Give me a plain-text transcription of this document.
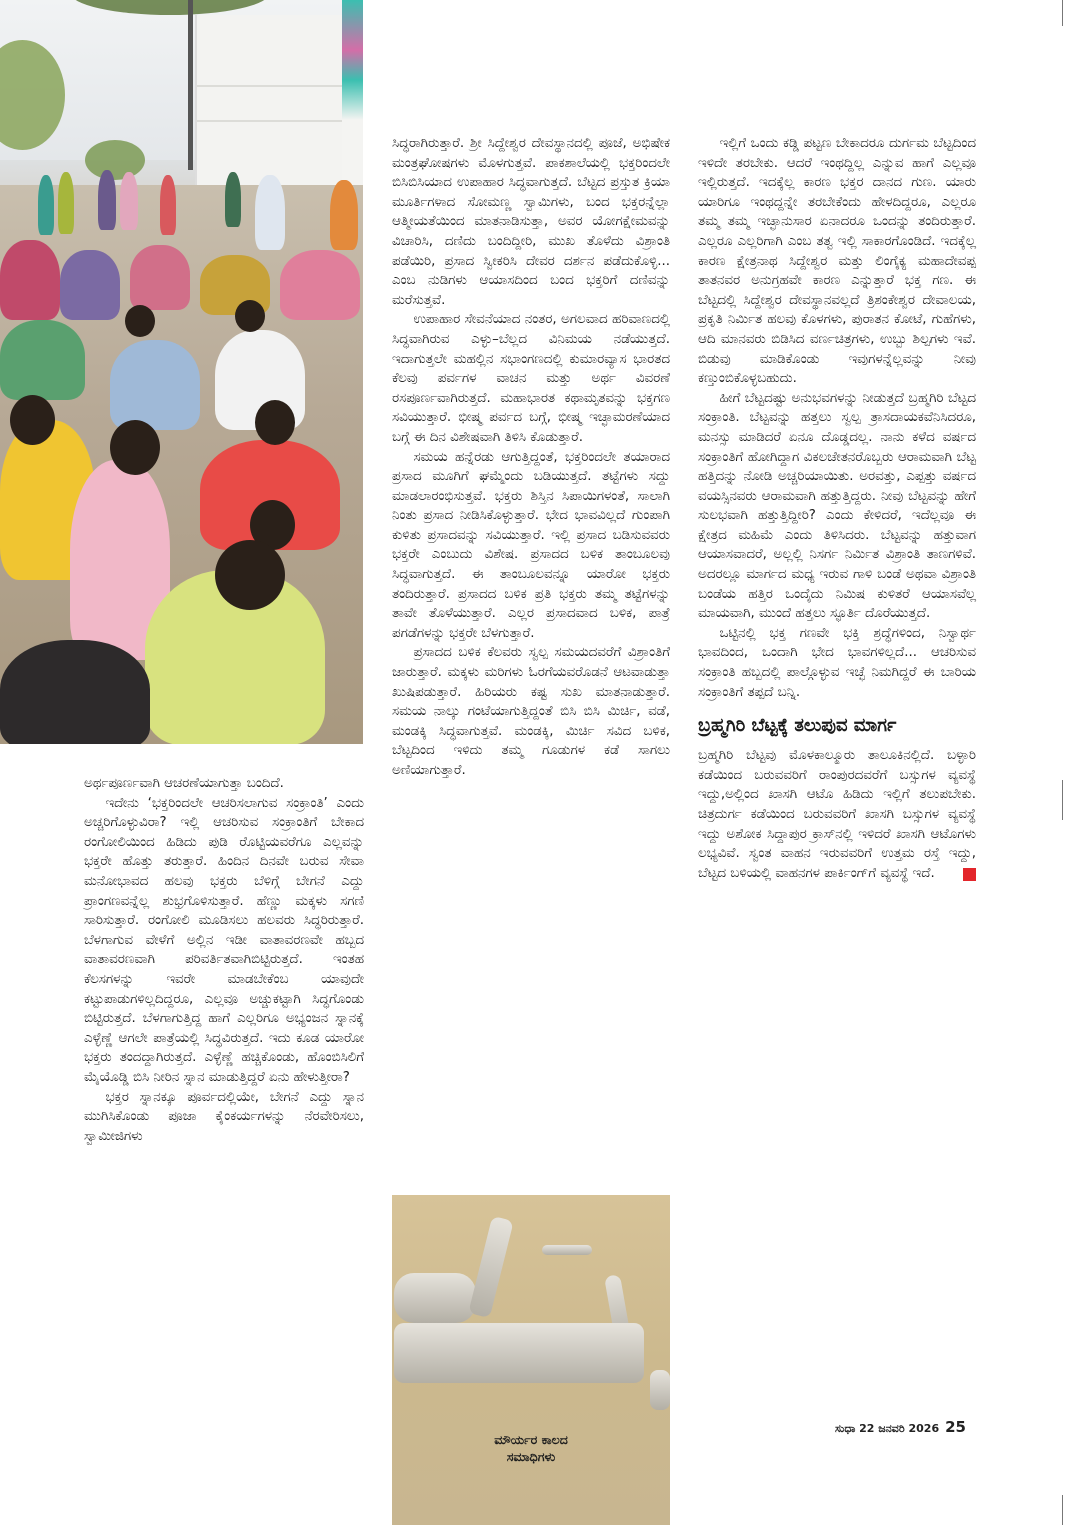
ಅರ್ಥಪೂರ್ಣವಾಗಿ ಆಚರಣೆಯಾಗುತ್ತಾ ಬಂದಿದೆ.

ಇದೇನು ‘ಭಕ್ತರಿಂದಲೇ ಆಚರಿಸಲಾಗುವ ಸಂಕ್ರಾಂತಿ’ ಎಂದು ಅಚ್ಚರಿಗೊಳ್ಳುವಿರಾ? ಇಲ್ಲಿ ಆಚರಿಸುವ ಸಂಕ್ರಾಂತಿಗೆ ಬೇಕಾದ ರಂಗೋಲಿಯಿಂದ ಹಿಡಿದು ಪುಡಿ ರೊಟ್ಟಿಯವರೆಗೂ ಎಲ್ಲವನ್ನು ಭಕ್ತರೇ ಹೊತ್ತು ತರುತ್ತಾರೆ. ಹಿಂದಿನ ದಿನವೇ ಬರುವ ಸೇವಾ ಮನೋಭಾವದ ಹಲವು ಭಕ್ತರು ಬೆಳಿಗ್ಗೆ ಬೇಗನೆ ಎದ್ದು ಪ್ರಾಂಗಣವನ್ನೆಲ್ಲ ಶುಭ್ರಗೊಳಿಸುತ್ತಾರೆ. ಹೆಣ್ಣು ಮಕ್ಕಳು ಸಗಣಿ ಸಾರಿಸುತ್ತಾರೆ. ರಂಗೋಲಿ ಮೂಡಿಸಲು ಹಲವರು ಸಿದ್ಧರಿರುತ್ತಾರೆ. ಬೆಳಗಾಗುವ ವೇಳೆಗೆ ಅಲ್ಲಿನ ಇಡೀ ವಾತಾವರಣವೇ ಹಬ್ಬದ ವಾತಾವರಣವಾಗಿ ಪರಿವರ್ತಿತವಾಗಿಬಿಟ್ಟಿರುತ್ತದೆ. ಇಂತಹ ಕೆಲಸಗಳನ್ನು ಇವರೇ ಮಾಡಬೇಕೆಂಬ ಯಾವುದೇ ಕಟ್ಟುಪಾಡುಗಳಿಲ್ಲದಿದ್ದರೂ, ಎಲ್ಲವೂ ಅಚ್ಚುಕಟ್ಟಾಗಿ ಸಿದ್ಧಗೊಂಡು ಬಿಟ್ಟಿರುತ್ತದೆ. ಬೆಳಗಾಗುತ್ತಿದ್ದ ಹಾಗೆ ಎಲ್ಲರಿಗೂ ಅಭ್ಯಂಜನ ಸ್ನಾನಕ್ಕೆ ಎಳ್ಳೆಣ್ಣೆ ಆಗಲೇ ಪಾತ್ರೆಯಲ್ಲಿ ಸಿದ್ಧವಿರುತ್ತದೆ. ಇದು ಕೂಡ ಯಾರೋ ಭಕ್ತರು ತಂದದ್ದಾಗಿರುತ್ತದೆ. ಎಳ್ಳೆಣ್ಣೆ ಹಚ್ಚಿಕೊಂಡು, ಹೊಂಬಿಸಿಲಿಗೆ ಮೈಯೊಡ್ಡಿ ಬಿಸಿ ನೀರಿನ ಸ್ನಾನ ಮಾಡುತ್ತಿದ್ದರೆ ಏನು ಹೇಳುತ್ತೀರಾ?

ಭಕ್ತರ ಸ್ನಾನಕ್ಕೂ ಪೂರ್ವದಲ್ಲಿಯೇ, ಬೇಗನೆ ಎದ್ದು ಸ್ನಾನ ಮುಗಿಸಿಕೊಂಡು ಪೂಜಾ ಕೈಂಕರ್ಯಗಳನ್ನು ನೆರವೇರಿಸಲು, ಸ್ವಾಮೀಜಿಗಳು

ಸಿದ್ಧರಾಗಿರುತ್ತಾರೆ. ಶ್ರೀ ಸಿದ್ದೇಶ್ವರ ದೇವಸ್ಥಾನದಲ್ಲಿ ಪೂಜೆ, ಅಭಿಷೇಕ ಮಂತ್ರಘೋಷಗಳು ಮೊಳಗುತ್ತವೆ. ಪಾಕಶಾಲೆಯಲ್ಲಿ ಭಕ್ತರಿಂದಲೇ ಬಿಸಿಬಿಸಿಯಾದ ಉಪಾಹಾರ ಸಿದ್ಧವಾಗುತ್ತದೆ. ಬೆಟ್ಟದ ಪ್ರಸ್ತುತ ಕ್ರಿಯಾ ಮೂರ್ತಿಗಳಾದ ಸೋಮಣ್ಣ ಸ್ವಾಮಿಗಳು, ಬಂದ ಭಕ್ತರನ್ನೆಲ್ಲಾ ಆತ್ಮೀಯತೆಯಿಂದ ಮಾತನಾಡಿಸುತ್ತಾ, ಅವರ ಯೋಗಕ್ಷೇಮವನ್ನು ವಿಚಾರಿಸಿ, ದಣಿದು ಬಂದಿದ್ದೀರಿ, ಮುಖ ತೊಳೆದು ವಿಶ್ರಾಂತಿ ಪಡೆಯಿರಿ, ಪ್ರಸಾದ ಸ್ವೀಕರಿಸಿ ದೇವರ ದರ್ಶನ ಪಡೆದುಕೊಳ್ಳಿ... ಎಂಬ ನುಡಿಗಳು ಆಯಾಸದಿಂದ ಬಂದ ಭಕ್ತರಿಗೆ ದಣಿವನ್ನು ಮರೆಸುತ್ತವೆ.

ಉಪಾಹಾರ ಸೇವನೆಯಾದ ನಂತರ, ಅಗಲವಾದ ಹರಿವಾಣದಲ್ಲಿ ಸಿದ್ಧವಾಗಿರುವ ಎಳ್ಳು–ಬೆಲ್ಲದ ವಿನಿಮಯ ನಡೆಯುತ್ತದೆ. ಇದಾಗುತ್ತಲೇ ಮಹಲ್ಲಿನ ಸಭಾಂಗಣದಲ್ಲಿ ಕುಮಾರವ್ಯಾಸ ಭಾರತದ ಕೆಲವು ಪರ್ವಗಳ ವಾಚನ ಮತ್ತು ಅರ್ಥ ವಿವರಣೆ ರಸಪೂರ್ಣವಾಗಿರುತ್ತದೆ. ಮಹಾಭಾರತ ಕಥಾಮೃತವನ್ನು ಭಕ್ತಗಣ ಸವಿಯುತ್ತಾರೆ. ಭೀಷ್ಮ ಪರ್ವದ ಬಗ್ಗೆ, ಭೀಷ್ಮ ಇಚ್ಛಾಮರಣೆಯಾದ ಬಗ್ಗೆ ಈ ದಿನ ವಿಶೇಷವಾಗಿ ತಿಳಿಸಿ ಕೊಡುತ್ತಾರೆ.

ಸಮಯ ಹನ್ನೆರಡು ಆಗುತ್ತಿದ್ದಂತೆ, ಭಕ್ತರಿಂದಲೇ ತಯಾರಾದ ಪ್ರಸಾದ ಮೂಗಿಗೆ ಘಮ್ಮೆಂದು ಬಡಿಯುತ್ತದೆ. ತಟ್ಟೆಗಳು ಸದ್ದು ಮಾಡಲಾರಂಭಿಸುತ್ತವೆ. ಭಕ್ತರು ಶಿಸ್ತಿನ ಸಿಪಾಯಿಗಳಂತೆ, ಸಾಲಾಗಿ ನಿಂತು ಪ್ರಸಾದ ನೀಡಿಸಿಕೊಳ್ಳುತ್ತಾರೆ. ಭೇದ ಭಾವವಿಲ್ಲದೆ ಗುಂಪಾಗಿ ಕುಳಿತು ಪ್ರಸಾದವನ್ನು ಸವಿಯುತ್ತಾರೆ. ಇಲ್ಲಿ ಪ್ರಸಾದ ಬಡಿಸುವವರು ಭಕ್ತರೇ ಎಂಬುದು ವಿಶೇಷ. ಪ್ರಸಾದದ ಬಳಿಕ ತಾಂಬೂಲವು ಸಿದ್ಧವಾಗುತ್ತದೆ. ಈ ತಾಂಬೂಲವನ್ನೂ ಯಾರೋ ಭಕ್ತರು ತಂದಿರುತ್ತಾರೆ. ಪ್ರಸಾದದ ಬಳಿಕ ಪ್ರತಿ ಭಕ್ತರು ತಮ್ಮ ತಟ್ಟೆಗಳನ್ನು ತಾವೇ ತೊಳೆಯುತ್ತಾರೆ. ಎಲ್ಲರ ಪ್ರಸಾದವಾದ ಬಳಿಕ, ಪಾತ್ರೆ ಪಗಡೆಗಳನ್ನು ಭಕ್ತರೇ ಬೆಳಗುತ್ತಾರೆ.

ಪ್ರಸಾದದ ಬಳಿಕ ಕೆಲವರು ಸ್ವಲ್ಪ ಸಮಯದವರೆಗೆ ವಿಶ್ರಾಂತಿಗೆ ಜಾರುತ್ತಾರೆ. ಮಕ್ಕಳು ಮರಿಗಳು ಓರಗೆಯವರೊಡನೆ ಆಟವಾಡುತ್ತಾ ಖುಷಿಪಡುತ್ತಾರೆ. ಹಿರಿಯರು ಕಷ್ಟ ಸುಖ ಮಾತನಾಡುತ್ತಾರೆ. ಸಮಯ ನಾಲ್ಕು ಗಂಟೆಯಾಗುತ್ತಿದ್ದಂತೆ ಬಿಸಿ ಬಿಸಿ ಮಿರ್ಚಿ, ವಡೆ, ಮಂಡಕ್ಕಿ ಸಿದ್ಧವಾಗುತ್ತವೆ. ಮಂಡಕ್ಕಿ, ಮಿರ್ಚಿ ಸವಿದ ಬಳಿಕ, ಬೆಟ್ಟದಿಂದ ಇಳಿದು ತಮ್ಮ ಗೂಡುಗಳ ಕಡೆ ಸಾಗಲು ಅಣಿಯಾಗುತ್ತಾರೆ.

ಇಲ್ಲಿಗೆ ಒಂದು ಕಡ್ಡಿ ಪಟ್ಟಣ ಬೇಕಾದರೂ ದುರ್ಗಮ ಬೆಟ್ಟದಿಂದ ಇಳಿದೇ ತರಬೇಕು. ಆದರೆ ಇಂಥದ್ದಿಲ್ಲ ಎನ್ನುವ ಹಾಗೆ ಎಲ್ಲವೂ ಇಲ್ಲಿರುತ್ತದೆ. ಇದಕ್ಕೆಲ್ಲ ಕಾರಣ ಭಕ್ತರ ದಾನದ ಗುಣ. ಯಾರು ಯಾರಿಗೂ ಇಂಥದ್ದನ್ನೇ ತರಬೇಕೆಂದು ಹೇಳದಿದ್ದರೂ, ಎಲ್ಲರೂ ತಮ್ಮ ತಮ್ಮ ಇಚ್ಛಾನುಸಾರ ಏನಾದರೂ ಒಂದನ್ನು ತಂದಿರುತ್ತಾರೆ. ಎಲ್ಲರೂ ಎಲ್ಲರಿಗಾಗಿ ಎಂಬ ತತ್ವ ಇಲ್ಲಿ ಸಾಕಾರಗೊಂಡಿದೆ. ಇದಕ್ಕೆಲ್ಲ ಕಾರಣ ಕ್ಷೇತ್ರನಾಥ ಸಿದ್ದೇಶ್ವರ ಮತ್ತು ಲಿಂಗೈಕ್ಯ ಮಹಾದೇವಪ್ಪ ತಾತನವರ ಅನುಗ್ರಹವೇ ಕಾರಣ ಎನ್ನುತ್ತಾರೆ ಭಕ್ತ ಗಣ. ಈ ಬೆಟ್ಟದಲ್ಲಿ ಸಿದ್ದೇಶ್ವರ ದೇವಸ್ಥಾನವಲ್ಲದೆ ತ್ರಿಶಂಕೇಶ್ವರ ದೇವಾಲಯ, ಪ್ರಕೃತಿ ನಿರ್ಮಿತ ಹಲವು ಕೊಳಗಳು, ಪುರಾತನ ಕೋಟೆ, ಗುಹೆಗಳು, ಆದಿ ಮಾನವರು ಬಿಡಿಸಿದ ವರ್ಣಚಿತ್ರಗಳು, ಉಬ್ಬು ಶಿಲ್ಪಗಳು ಇವೆ. ಬಿಡುವು ಮಾಡಿಕೊಂಡು ಇವುಗಳನ್ನೆಲ್ಲವನ್ನು ನೀವು ಕಣ್ತುಂಬಿಕೊಳ್ಳಬಹುದು.

ಹೀಗೆ ಬೆಟ್ಟದಷ್ಟು ಅನುಭವಗಳನ್ನು ನೀಡುತ್ತದೆ ಬ್ರಹ್ಮಗಿರಿ ಬೆಟ್ಟದ ಸಂಕ್ರಾಂತಿ. ಬೆಟ್ಟವನ್ನು ಹತ್ತಲು ಸ್ವಲ್ಪ ತ್ರಾಸದಾಯಕವೆನಿಸಿದರೂ, ಮನಸ್ಸು ಮಾಡಿದರೆ ಏನೂ ದೊಡ್ಡದಲ್ಲ. ನಾನು ಕಳೆದ ವರ್ಷದ ಸಂಕ್ರಾಂತಿಗೆ ಹೋಗಿದ್ದಾಗ ವಿಕಲಚೇತನರೊಬ್ಬರು ಆರಾಮವಾಗಿ ಬೆಟ್ಟ ಹತ್ತಿದನ್ನು ನೋಡಿ ಅಚ್ಚರಿಯಾಯಿತು. ಅರವತ್ತು, ಎಪ್ಪತ್ತು ವರ್ಷದ ವಯಸ್ಸಿನವರು ಆರಾಮವಾಗಿ ಹತ್ತುತ್ತಿದ್ದರು. ನೀವು ಬೆಟ್ಟವನ್ನು ಹೇಗೆ ಸುಲಭವಾಗಿ ಹತ್ತುತ್ತಿದ್ದೀರಿ? ಎಂದು ಕೇಳಿದರೆ, ಇದೆಲ್ಲವೂ ಈ ಕ್ಷೇತ್ರದ ಮಹಿಮೆ ಎಂದು ತಿಳಿಸಿದರು. ಬೆಟ್ಟವನ್ನು ಹತ್ತುವಾಗ ಆಯಾಸವಾದರೆ, ಅಲ್ಲಲ್ಲಿ ನಿಸರ್ಗ ನಿರ್ಮಿತ ವಿಶ್ರಾಂತಿ ತಾಣಗಳಿವೆ. ಅದರಲ್ಲೂ ಮಾರ್ಗದ ಮಧ್ಯ ಇರುವ ಗಾಳಿ ಬಂಡೆ ಅಥವಾ ವಿಶ್ರಾಂತಿ ಬಂಡೆಯ ಹತ್ತಿರ ಒಂದೈದು ನಿಮಿಷ ಕುಳಿತರೆ ಆಯಾಸವೆಲ್ಲ ಮಾಯವಾಗಿ, ಮುಂದೆ ಹತ್ತಲು ಸ್ಫೂರ್ತಿ ದೊರೆಯುತ್ತದೆ.

ಒಟ್ಟಿನಲ್ಲಿ ಭಕ್ತ ಗಣವೇ ಭಕ್ತಿ ಶ್ರದ್ಧೆಗಳಿಂದ, ನಿಸ್ವಾರ್ಥ ಭಾವದಿಂದ, ಒಂದಾಗಿ ಭೇದ ಭಾವಗಳಿಲ್ಲದೆ... ಆಚರಿಸುವ ಸಂಕ್ರಾಂತಿ ಹಬ್ಬದಲ್ಲಿ ಪಾಲ್ಗೊಳ್ಳುವ ಇಚ್ಛೆ ನಿಮಗಿದ್ದರೆ ಈ ಬಾರಿಯ ಸಂಕ್ರಾಂತಿಗೆ ತಪ್ಪದೆ ಬನ್ನಿ.

ಬ್ರಹ್ಮಗಿರಿ ಬೆಟ್ಟಕ್ಕೆ ತಲುಪುವ ಮಾರ್ಗ

ಬ್ರಹ್ಮಗಿರಿ ಬೆಟ್ಟವು ಮೊಳಕಾಲ್ಮೂರು ತಾಲೂಕಿನಲ್ಲಿದೆ. ಬಳ್ಳಾರಿ ಕಡೆಯಿಂದ ಬರುವವರಿಗೆ ರಾಂಪುರದವರೆಗೆ ಬಸ್ಸುಗಳ ವ್ಯವಸ್ಥೆ ಇದ್ದು,ಅಲ್ಲಿಂದ ಖಾಸಗಿ ಆಟೊ ಹಿಡಿದು ಇಲ್ಲಿಗೆ ತಲುಪಬೇಕು. ಚಿತ್ರದುರ್ಗ ಕಡೆಯಿಂದ ಬರುವವರಿಗೆ ಖಾಸಗಿ ಬಸ್ಸುಗಳ ವ್ಯವಸ್ಥೆ ಇದ್ದು ಅಶೋಕ ಸಿದ್ದಾಪುರ ಕ್ರಾಸ್‌ನಲ್ಲಿ ಇಳಿದರೆ ಖಾಸಗಿ ಆಟೊಗಳು ಲಭ್ಯವಿವೆ. ಸ್ವಂತ ವಾಹನ ಇರುವವರಿಗೆ ಉತ್ತಮ ರಸ್ತೆ ಇದ್ದು, ಬೆಟ್ಟದ ಬಳಿಯಲ್ಲಿ ವಾಹನಗಳ ಪಾರ್ಕಿಂಗ್‌ಗೆ ವ್ಯವಸ್ಥೆ ಇದೆ.

ಮೌರ್ಯರ ಕಾಲದ
ಸಮಾಧಿಗಳು
ಸುಧಾ 22 ಜನವರಿ 2026 25
